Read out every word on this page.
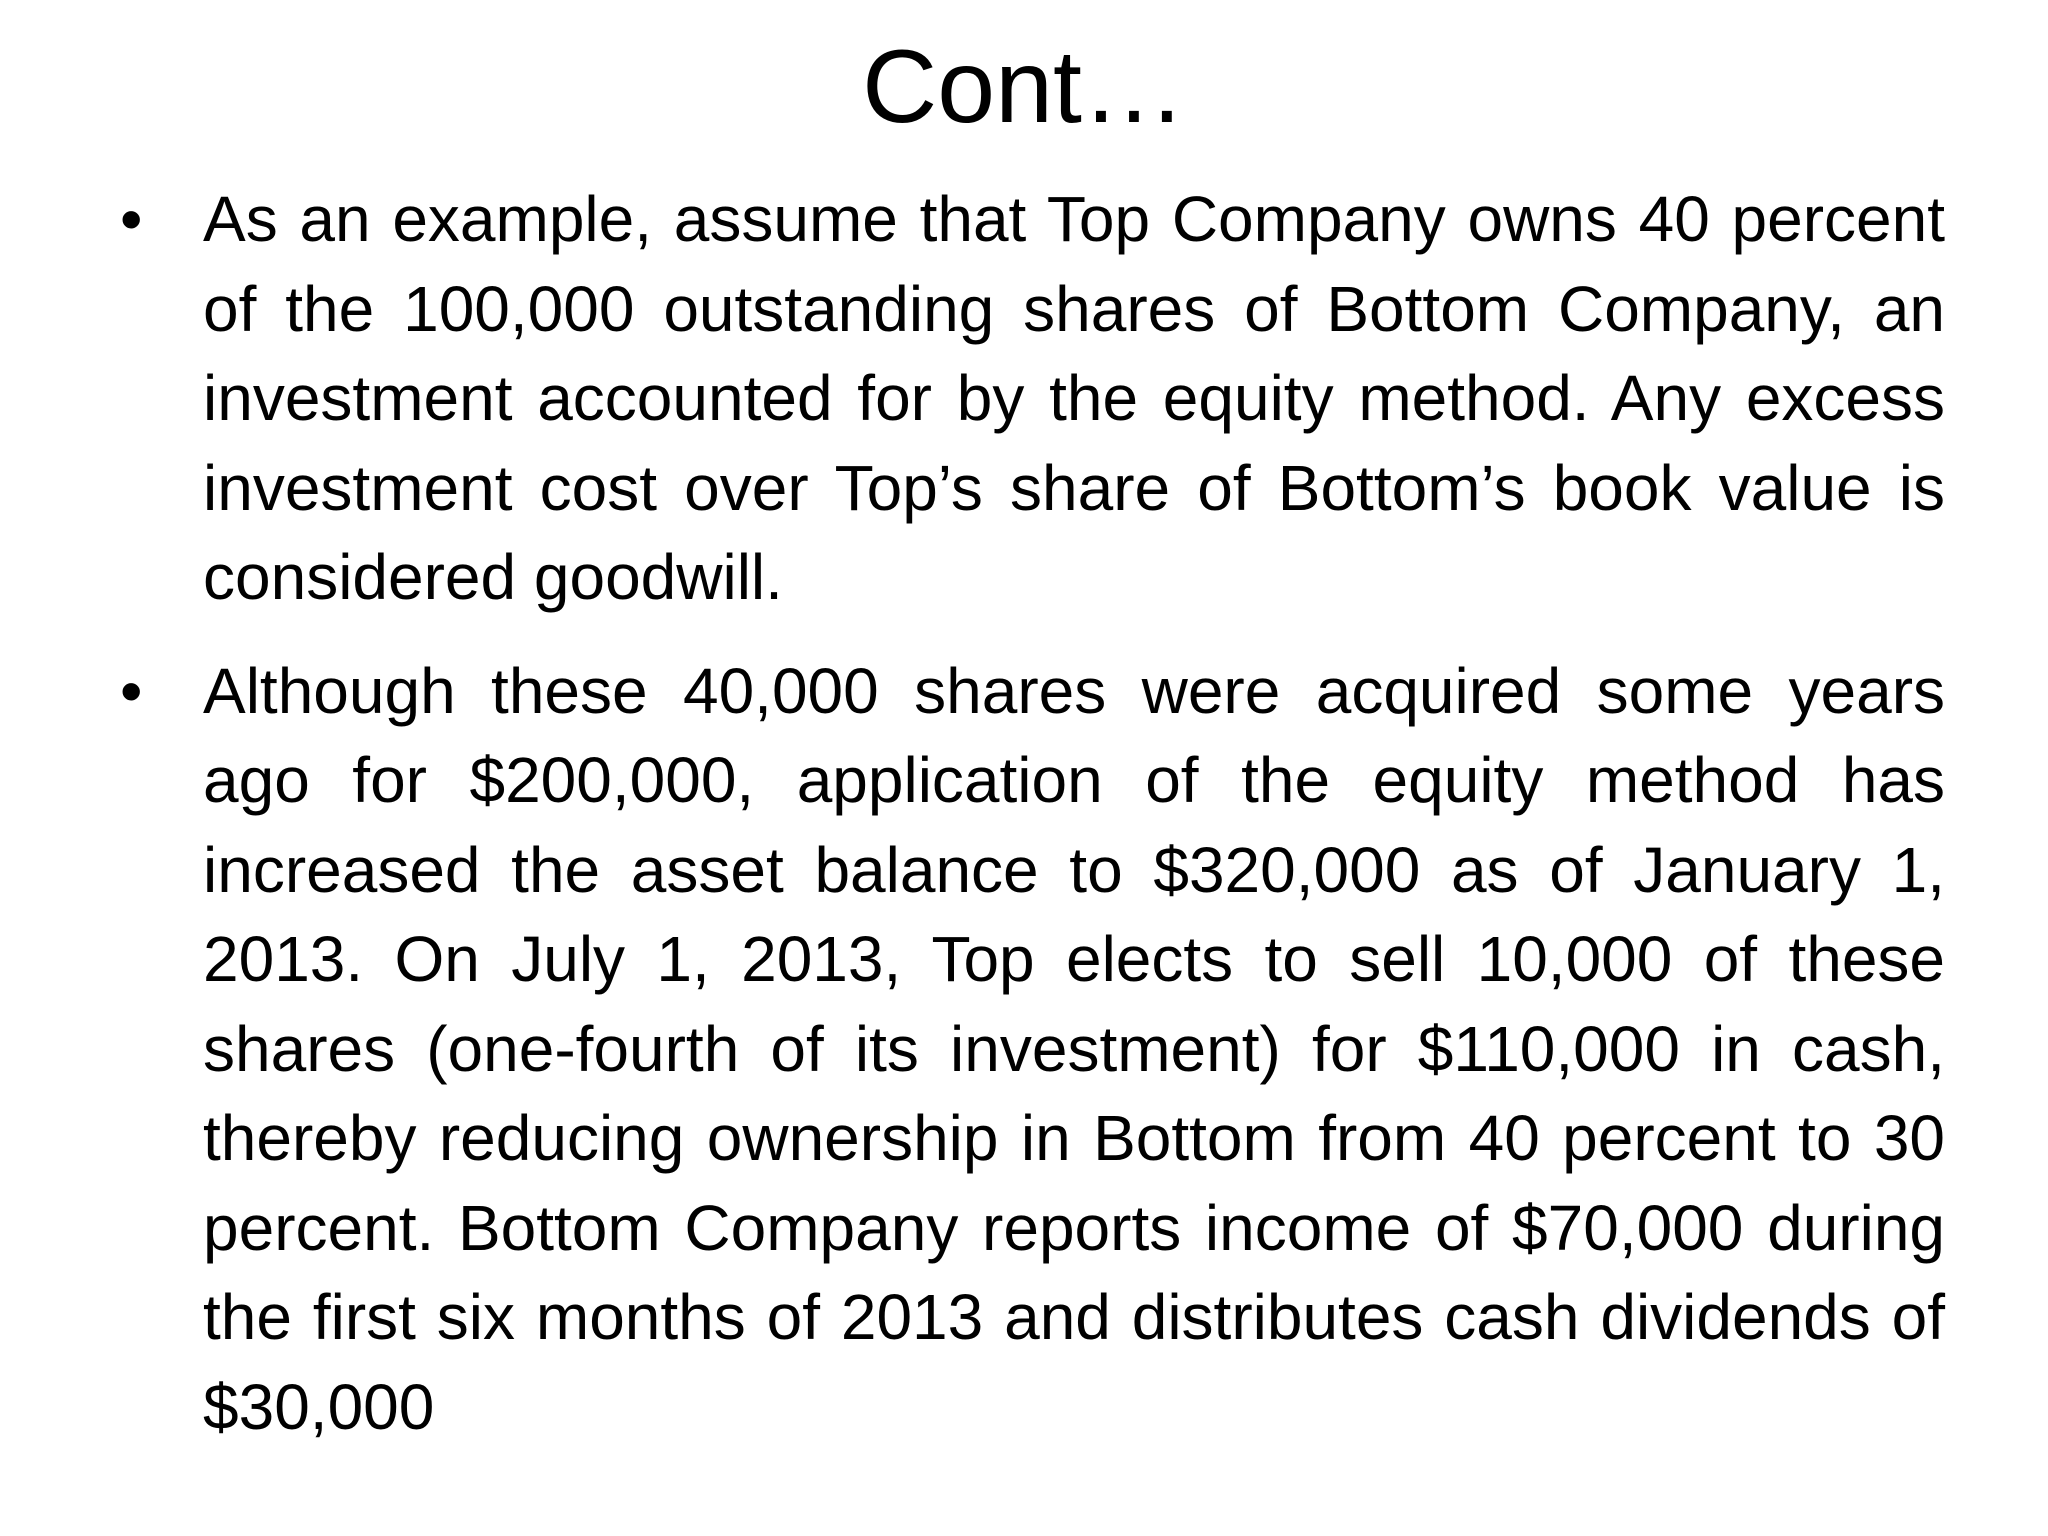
Cont…
• As an example, assume that Top Company owns 40 percent of the 100,000 outstanding shares of Bottom Company, an investment accounted for by the equity method. Any excess investment cost over Top’s share of Bottom’s book value is considered goodwill.
• Although these 40,000 shares were acquired some years ago for $200,000, application of the equity method has increased the asset balance to $320,000 as of January 1, 2013. On July 1, 2013, Top elects to sell 10,000 of these shares (one-fourth of its investment) for $110,000 in cash, thereby reducing ownership in Bottom from 40 percent to 30 percent. Bottom Company reports income of $70,000 during the first six months of 2013 and distributes cash dividends of $30,000
